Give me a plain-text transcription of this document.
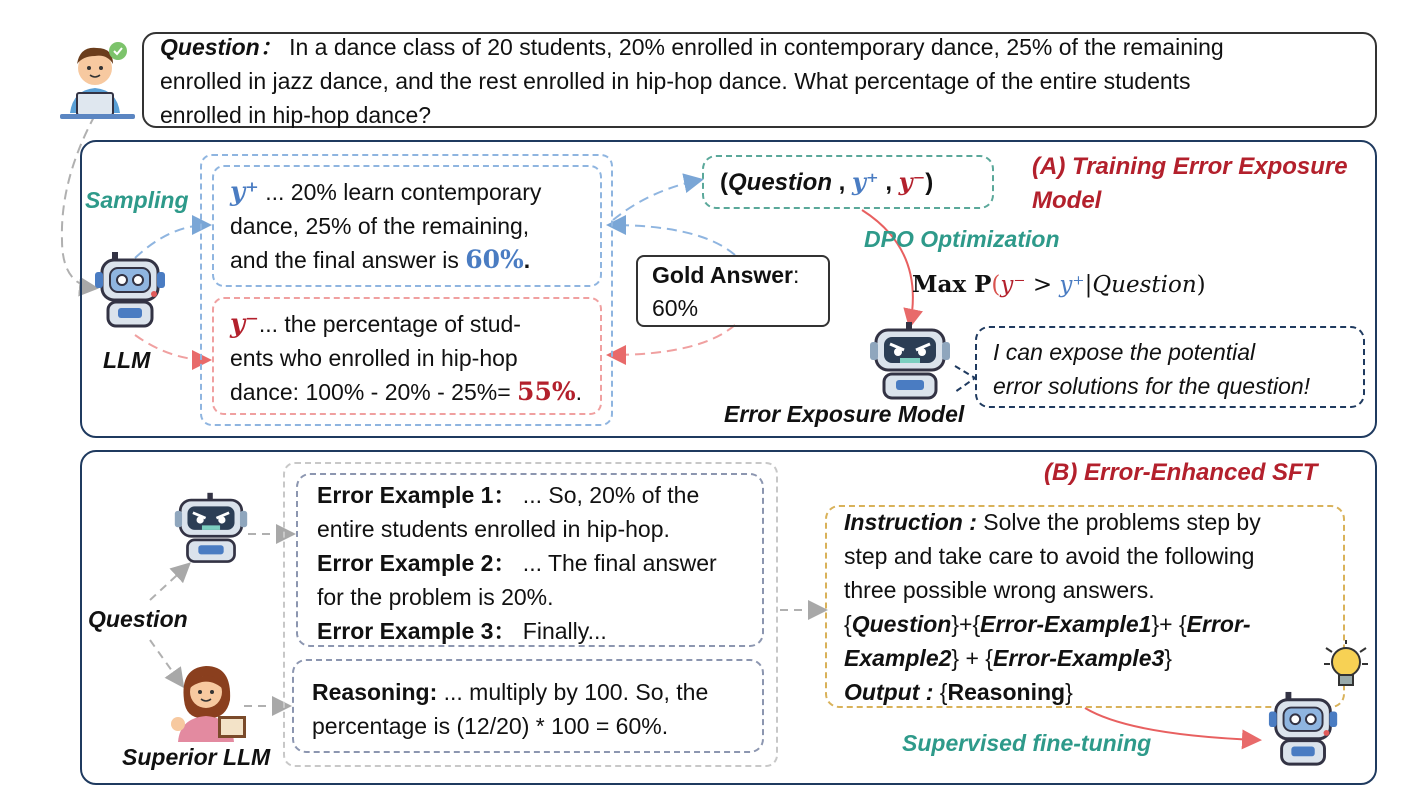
Question： In a dance class of 20 students, 20% enrolled in contemporary dance, 25% of the remaining
enrolled in jazz dance, and the rest enrolled in hip-hop dance. What percentage of the entire students
enrolled in hip-hop dance?
Sampling
LLM
y⁺ ... 20% learn contemporary
dance, 25% of the remaining,
and the final answer is 60%.
y⁻... the percentage of stud-
ents who enrolled in hip-hop
dance: 100% - 20% - 25%= 55%.
Gold Answer:
60%
(Question , y⁺ , y⁻)
(A) Training Error Exposure
Model
DPO Optimization
Max P(y⁻ > y⁺|Question)
Error Exposure Model
I can expose the potential
error solutions for the question!
(B) Error-Enhanced SFT
Question
Superior LLM
Error Example 1： ... So, 20% of the
entire students enrolled in hip-hop.
Error Example 2： ... The final answer
for the problem is 20%.
Error Example 3： Finally...
Reasoning: ... multiply by 100. So, the
percentage is (12/20) * 100 = 60%.
Instruction : Solve the problems step by
step and take care to avoid the following
three possible wrong answers.
{Question}+{Error-Example1}+ {Error-
Example2} + {Error-Example3}
Output : {Reasoning}
Supervised fine-tuning
